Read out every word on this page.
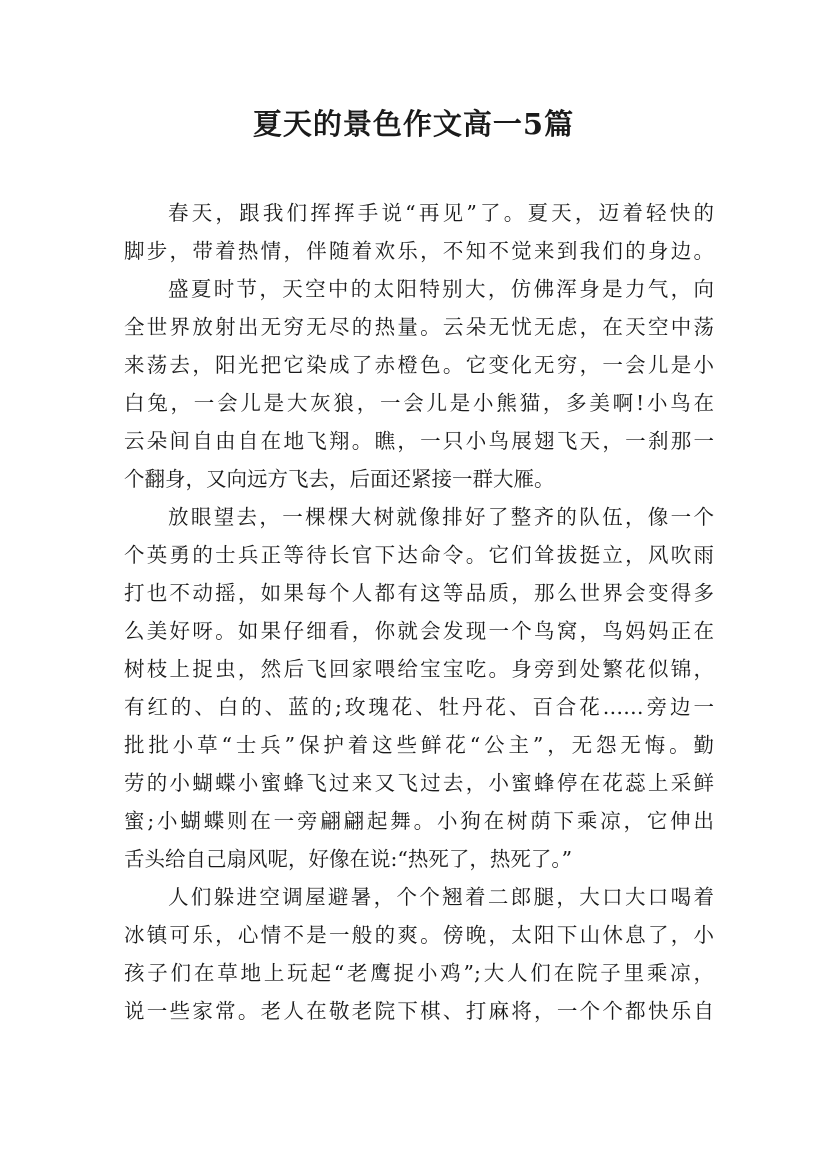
夏天的景色作文高一5篇
春天，跟我们挥挥手说“再见”了。夏天，迈着轻快的
脚步，带着热情，伴随着欢乐，不知不觉来到我们的身边。
盛夏时节，天空中的太阳特别大，仿佛浑身是力气，向
全世界放射出无穷无尽的热量。云朵无忧无虑，在天空中荡
来荡去，阳光把它染成了赤橙色。它变化无穷，一会儿是小
白兔，一会儿是大灰狼，一会儿是小熊猫，多美啊!小鸟在
云朵间自由自在地飞翔。瞧，一只小鸟展翅飞天，一刹那一
个翻身，又向远方飞去，后面还紧接一群大雁。
放眼望去，一棵棵大树就像排好了整齐的队伍，像一个
个英勇的士兵正等待长官下达命令。它们耸拔挺立，风吹雨
打也不动摇，如果每个人都有这等品质，那么世界会变得多
么美好呀。如果仔细看，你就会发现一个鸟窝，鸟妈妈正在
树枝上捉虫，然后飞回家喂给宝宝吃。身旁到处繁花似锦，
有红的、白的、蓝的;玫瑰花、牡丹花、百合花……旁边一
批批小草“士兵”保护着这些鲜花“公主”，无怨无悔。勤
劳的小蝴蝶小蜜蜂飞过来又飞过去，小蜜蜂停在花蕊上采鲜
蜜;小蝴蝶则在一旁翩翩起舞。小狗在树荫下乘凉，它伸出
舌头给自己扇风呢，好像在说:“热死了，热死了。”
人们躲进空调屋避暑，个个翘着二郎腿，大口大口喝着
冰镇可乐，心情不是一般的爽。傍晚，太阳下山休息了，小
孩子们在草地上玩起“老鹰捉小鸡”;大人们在院子里乘凉，
说一些家常。老人在敬老院下棋、打麻将，一个个都快乐自
